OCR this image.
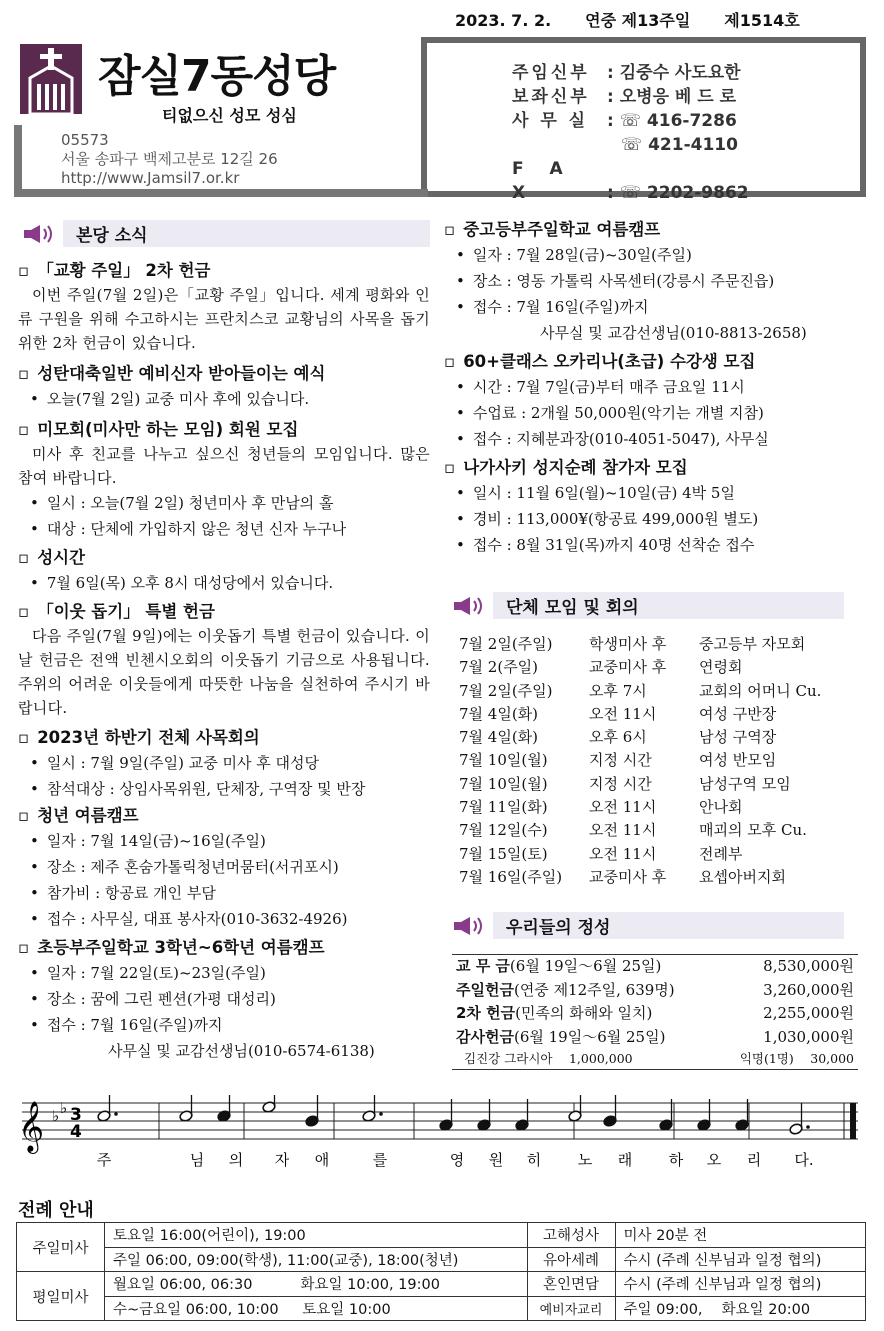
2023. 7. 2. 연중 제13주일 제1514호
잠실7동성당
티없으신 성모 성심
05573
서울 송파구 백제고분로 12길 26
http://www.Jamsil7.or.kr
주임신부 : 김중수 사도요한
보좌신부 : 오병응 베 드 로
사 무 실 : ☏ 416-7286
☏ 421-4110
F A X	: ☏ 2202-9862
본당 소식
▫ 「교황 주일」 2차 헌금
이번 주일(7월 2일)은「교황 주일」입니다. 세계 평화와 인류 구원을 위해 수고하시는 프란치스코 교황님의 사목을 돕기 위한 2차 헌금이 있습니다.
▫ 성탄대축일반 예비신자 받아들이는 예식
• 오늘(7월 2일) 교중 미사 후에 있습니다.
▫ 미모회(미사만 하는 모임) 회원 모집
미사 후 친교를 나누고 싶으신 청년들의 모임입니다. 많은 참여 바랍니다.
• 일시 : 오늘(7월 2일) 청년미사 후 만남의 홀
• 대상 : 단체에 가입하지 않은 청년 신자 누구나
▫ 성시간
• 7월 6일(목) 오후 8시 대성당에서 있습니다.
▫ 「이웃 돕기」 특별 헌금
다음 주일(7월 9일)에는 이웃돕기 특별 헌금이 있습니다. 이날 헌금은 전액 빈첸시오회의 이웃돕기 기금으로 사용됩니다. 주위의 어려운 이웃들에게 따뜻한 나눔을 실천하여 주시기 바랍니다.
▫ 2023년 하반기 전체 사목회의
• 일시 : 7월 9일(주일) 교중 미사 후 대성당
• 참석대상 : 상임사목위원, 단체장, 구역장 및 반장
▫ 청년 여름캠프
• 일자 : 7월 14일(금)~16일(주일)
• 장소 : 제주 혼숨가톨릭청년머뭄터(서귀포시)
• 참가비 : 항공료 개인 부담
• 접수 : 사무실, 대표 봉사자(010-3632-4926)
▫ 초등부주일학교 3학년~6학년 여름캠프
• 일자 : 7월 22일(토)~23일(주일)
• 장소 : 꿈에 그린 펜션(가평 대성리)
• 접수 : 7월 16일(주일)까지
사무실 및 교감선생님(010-6574-6138)
▫ 중고등부주일학교 여름캠프
• 일자 : 7월 28일(금)~30일(주일)
• 장소 : 영동 가톨릭 사목센터(강릉시 주문진읍)
• 접수 : 7월 16일(주일)까지
사무실 및 교감선생님(010-8813-2658)
▫ 60+클래스 오카리나(초급) 수강생 모집
• 시간 : 7월 7일(금)부터 매주 금요일 11시
• 수업료 : 2개월 50,000원(악기는 개별 지참)
• 접수 : 지혜분과장(010-4051-5047), 사무실
▫ 나가사키 성지순례 참가자 모집
• 일시 : 11월 6일(월)~10일(금) 4박 5일
• 경비 : 113,000¥(항공료 499,000원 별도)
• 접수 : 8월 31일(목)까지 40명 선착순 접수
단체 모임 및 회의
7월 2일(주일)	학생미사 후	중고등부 자모회
7월 2(주일)	교중미사 후	연령회
7월 2일(주일)	오후 7시	교회의 어머니 Cu.
7월 4일(화)	오전 11시	여성 구반장
7월 4일(화)	오후 6시	남성 구역장
7월 10일(월)	지정 시간	여성 반모임
7월 10일(월)	지정 시간	남성구역 모임
7월 11일(화)	오전 11시	안나회
7월 12일(수)	오전 11시	매괴의 모후 Cu.
7월 15일(토)	오전 11시	전례부
7월 16일(주일)	교중미사 후	요셉아버지회
우리들의 정성
교 무 금(6월 19일～6월 25일)	8,530,000원
주일헌금(연중 제12주일, 639명)	3,260,000원
2차 헌금(민족의 화해와 일치)	2,255,000원
감사헌금(6월 19일～6월 25일)	1,030,000원
김진강 그라시아 　 1,000,000	익명(1명) 　 30,000
𝄞 ♭ ♭ 3
4
주	님 의 자 애	를	영 원 히 노 래 하 오 리 다.
전례 안내
주일미사	토요일 16:00(어린이), 19:00	고해성사	미사 20분 전
	주일 06:00, 09:00(학생), 11:00(교중), 18:00(청년)	유아세례	수시 (주례 신부님과 일정 협의)
평일미사	월요일 06:00, 06:30 　　　화요일 10:00, 19:00	혼인면담	수시 (주례 신부님과 일정 협의)
	수~금요일 06:00, 10:00 　 토요일 10:00	예비자교리	주일 09:00, 　화요일 20:00
